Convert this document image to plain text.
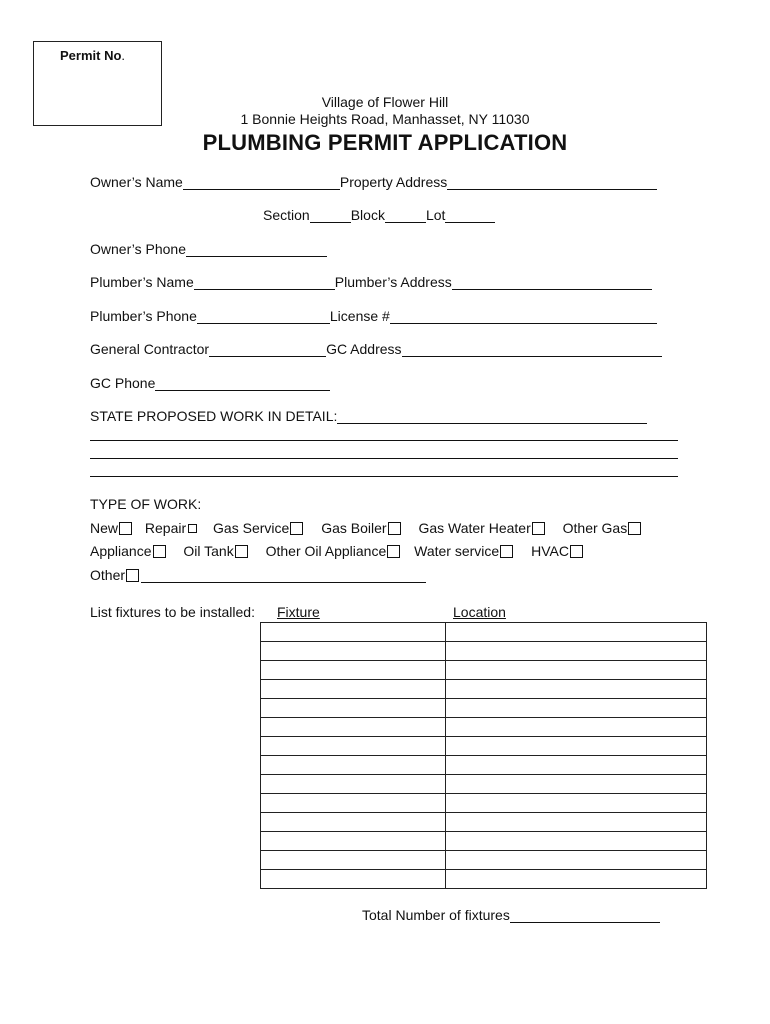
Permit No.
Village of Flower Hill
1 Bonnie Heights Road, Manhasset, NY 11030
PLUMBING PERMIT APPLICATION
Owner’s Name	Property Address
Section	Block	Lot
Owner’s Phone
Plumber’s Name	Plumber’s Address
Plumber’s Phone	License #
General Contractor	GC Address
GC Phone
STATE PROPOSED WORK IN DETAIL:
TYPE OF WORK:
New Repair Gas Service Gas Boiler Gas Water Heater Other Gas
Appliance Oil Tank Other Oil Appliance Water service HVAC
Other
List fixtures to be installed: Fixture	Location

Total Number of fixtures
